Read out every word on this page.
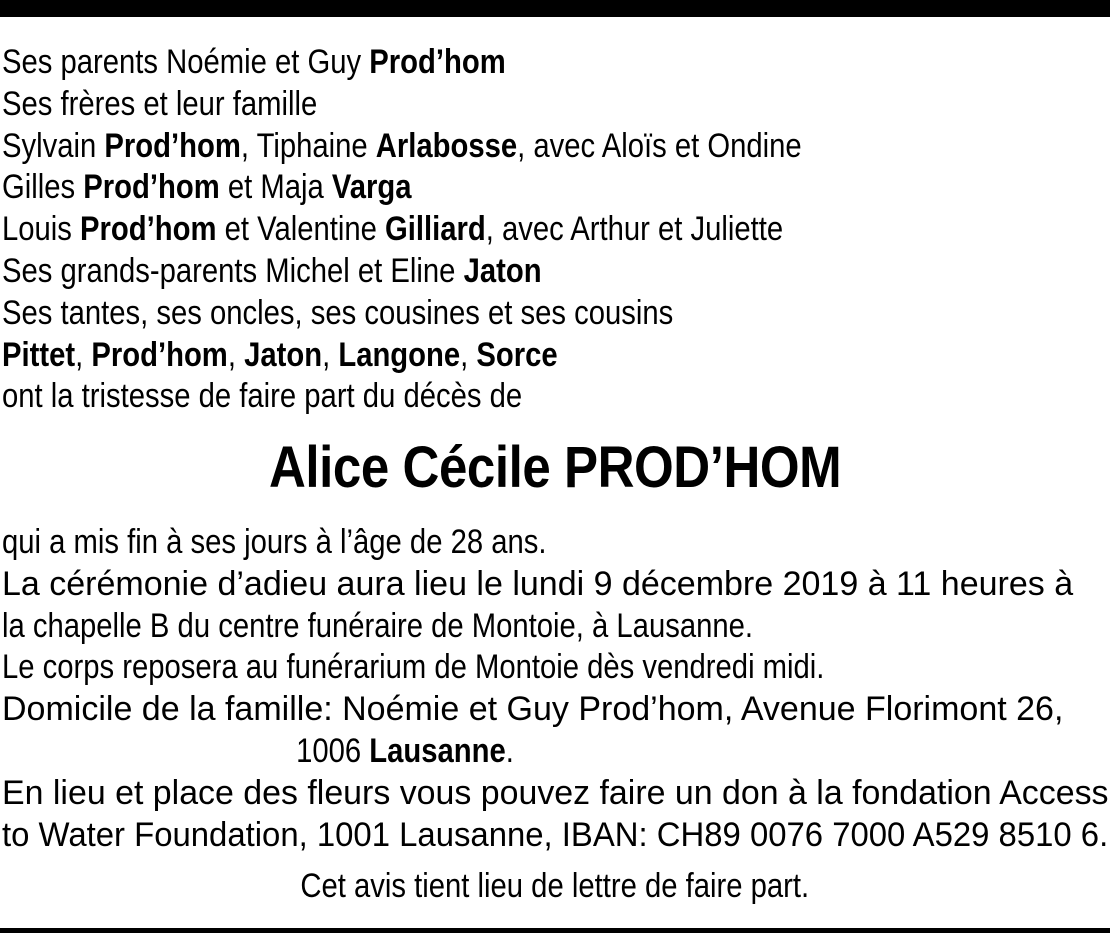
Ses parents Noémie et Guy Prod’hom
Ses frères et leur famille
Sylvain Prod’hom, Tiphaine Arlabosse, avec Aloïs et Ondine
Gilles Prod’hom et Maja Varga
Louis Prod’hom et Valentine Gilliard, avec Arthur et Juliette
Ses grands-parents Michel et Eline Jaton
Ses tantes, ses oncles, ses cousines et ses cousins
Pittet, Prod’hom, Jaton, Langone, Sorce
ont la tristesse de faire part du décès de
Alice Cécile PROD’HOM
qui a mis fin à ses jours à l’âge de 28 ans.
La cérémonie d’adieu aura lieu le lundi 9 décembre 2019 à 11 heures à
la chapelle B du centre funéraire de Montoie, à Lausanne.
Le corps reposera au funérarium de Montoie dès vendredi midi.
Domicile de la famille: Noémie et Guy Prod’hom, Avenue Florimont 26,
1006 Lausanne.
En lieu et place des fleurs vous pouvez faire un don à la fondation Access
to Water Foundation, 1001 Lausanne, IBAN: CH89 0076 7000 A529 8510 6.
Cet avis tient lieu de lettre de faire part.
